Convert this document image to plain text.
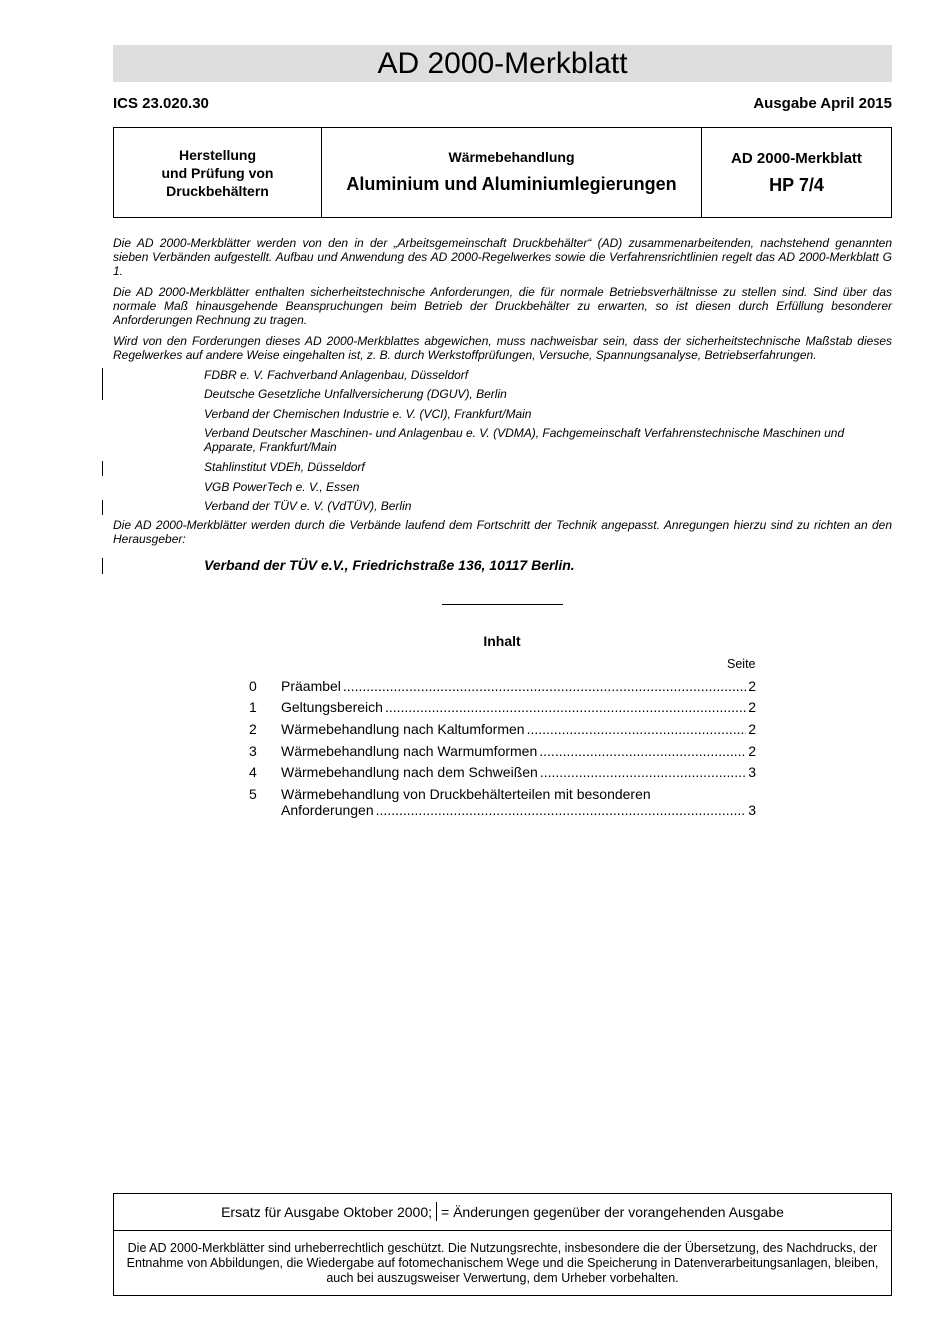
AD 2000-Merkblatt
ICS 23.020.30	Ausgabe April 2015
Herstellung
und Prüfung von
Druckbehältern
Wärmebehandlung
Aluminium und Aluminiumlegierungen
AD 2000-Merkblatt
HP 7/4
Die AD 2000-Merkblätter werden von den in der „Arbeitsgemeinschaft Druckbehälter“ (AD) zusammenarbeitenden, nachstehend genannten sieben Verbänden aufgestellt. Aufbau und Anwendung des AD 2000-Regelwerkes sowie die Verfahrensrichtlinien regelt das AD 2000-Merkblatt G 1.
Die AD 2000-Merkblätter enthalten sicherheitstechnische Anforderungen, die für normale Betriebsverhältnisse zu stellen sind. Sind über das normale Maß hinausgehende Beanspruchungen beim Betrieb der Druckbehälter zu erwarten, so ist diesen durch Erfüllung besonderer Anforderungen Rechnung zu tragen.
Wird von den Forderungen dieses AD 2000-Merkblattes abgewichen, muss nachweisbar sein, dass der sicherheitstechnische Maßstab dieses Regelwerkes auf andere Weise eingehalten ist, z. B. durch Werkstoffprüfungen, Versuche, Spannungsanalyse, Betriebserfahrungen.
FDBR e. V. Fachverband Anlagenbau, Düsseldorf
Deutsche Gesetzliche Unfallversicherung (DGUV), Berlin
Verband der Chemischen Industrie e. V. (VCI), Frankfurt/Main
Verband Deutscher Maschinen- und Anlagenbau e. V. (VDMA), Fachgemeinschaft Verfahrenstechnische Maschinen und Apparate, Frankfurt/Main
Stahlinstitut VDEh, Düsseldorf
VGB PowerTech e. V., Essen
Verband der TÜV e. V. (VdTÜV), Berlin
Die AD 2000-Merkblätter werden durch die Verbände laufend dem Fortschritt der Technik angepasst. Anregungen hierzu sind zu richten an den Herausgeber:
Verband der TÜV e.V., Friedrichstraße 136, 10117 Berlin.
Inhalt
Seite
0 Präambel .....	2
1 Geltungsbereich .....	2
2 Wärmebehandlung nach Kaltumformen .....	2
3 Wärmebehandlung nach Warmumformen .....	2
4 Wärmebehandlung nach dem Schweißen .....	3
5 Wärmebehandlung von Druckbehälterteilen mit besonderen
Anforderungen .....	3
Ersatz für Ausgabe Oktober 2000; = Änderungen gegenüber der vorangehenden Ausgabe
Die AD 2000-Merkblätter sind urheberrechtlich geschützt. Die Nutzungsrechte, insbesondere die der Übersetzung, des Nachdrucks, der Entnahme von Abbildungen, die Wiedergabe auf fotomechanischem Wege und die Speicherung in Datenverarbeitungsanlagen, bleiben, auch bei auszugsweiser Verwertung, dem Urheber vorbehalten.
